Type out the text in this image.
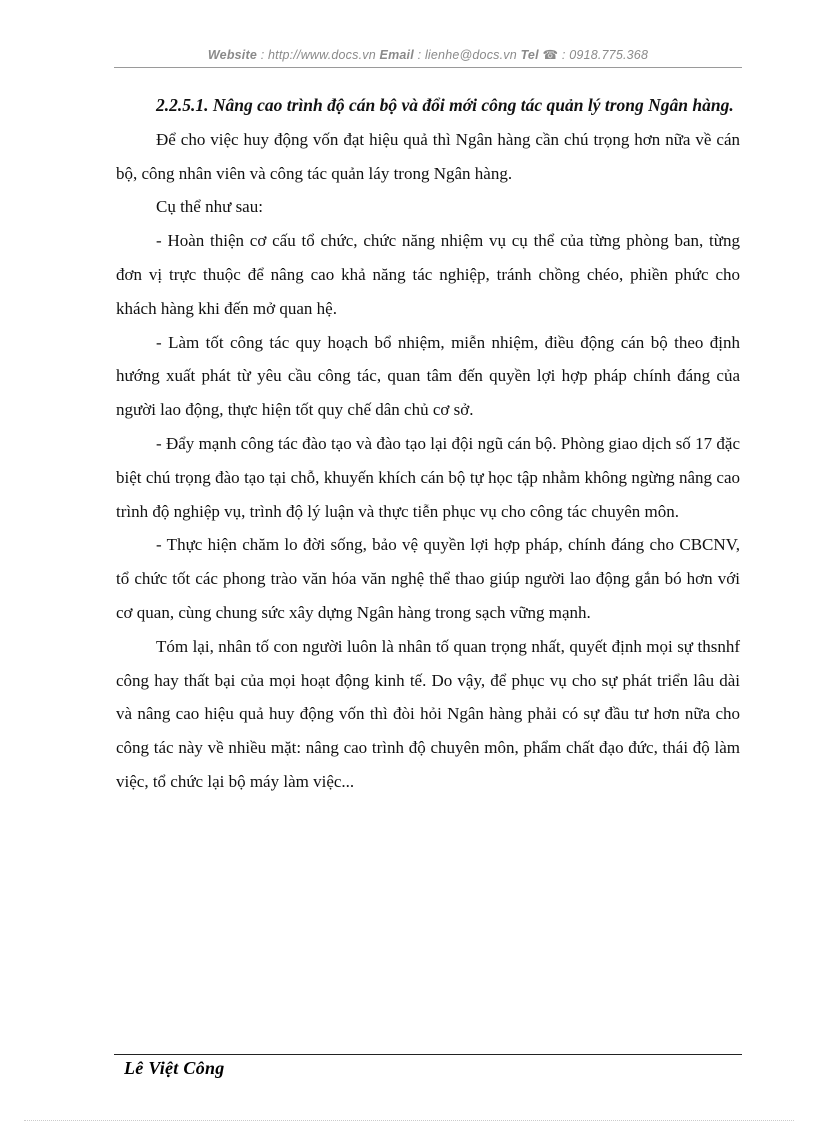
Website : http://www.docs.vn Email : lienhe@docs.vn Tel ☎ : 0918.775.368

2.2.5.1. Nâng cao trình độ cán bộ và đổi mới công tác quản lý trong Ngân hàng.

Để cho việc huy động vốn đạt hiệu quả thì Ngân hàng cần chú trọng hơn nữa về cán bộ, công nhân viên và công tác quản láy trong Ngân hàng.

Cụ thể như sau:

- Hoàn thiện cơ cấu tổ chức, chức năng nhiệm vụ cụ thể của từng phòng ban, từng đơn vị trực thuộc để nâng cao khả năng tác nghiệp, tránh chồng chéo, phiền phức cho khách hàng khi đến mở quan hệ.

- Làm tốt công tác quy hoạch bổ nhiệm, miễn nhiệm, điều động cán bộ theo định hướng xuất phát từ yêu cầu công tác, quan tâm đến quyền lợi hợp pháp chính đáng của người lao động, thực hiện tốt quy chế dân chủ cơ sở.

- Đẩy mạnh công tác đào tạo và đào tạo lại đội ngũ cán bộ. Phòng giao dịch số 17 đặc biệt chú trọng đào tạo tại chỗ, khuyến khích cán bộ tự học tập nhằm không ngừng nâng cao trình độ nghiệp vụ, trình độ lý luận và thực tiễn phục vụ cho công tác chuyên môn.

- Thực hiện chăm lo đời sống, bảo vệ quyền lợi hợp pháp, chính đáng cho CBCNV, tổ chức tốt các phong trào văn hóa văn nghệ thể thao giúp người lao động gắn bó hơn với cơ quan, cùng chung sức xây dựng Ngân hàng trong sạch vững mạnh.

Tóm lại, nhân tố con người luôn là nhân tố quan trọng nhất, quyết định mọi sự thsnhf công hay thất bại của mọi hoạt động kinh tế. Do vậy, để phục vụ cho sự phát triển lâu dài và nâng cao hiệu quả huy động vốn thì đòi hỏi Ngân hàng phải có sự đầu tư hơn nữa cho công tác này về nhiều mặt: nâng cao trình độ chuyên môn, phẩm chất đạo đức, thái độ làm việc, tổ chức lại bộ máy làm việc...

Lê Việt Công
